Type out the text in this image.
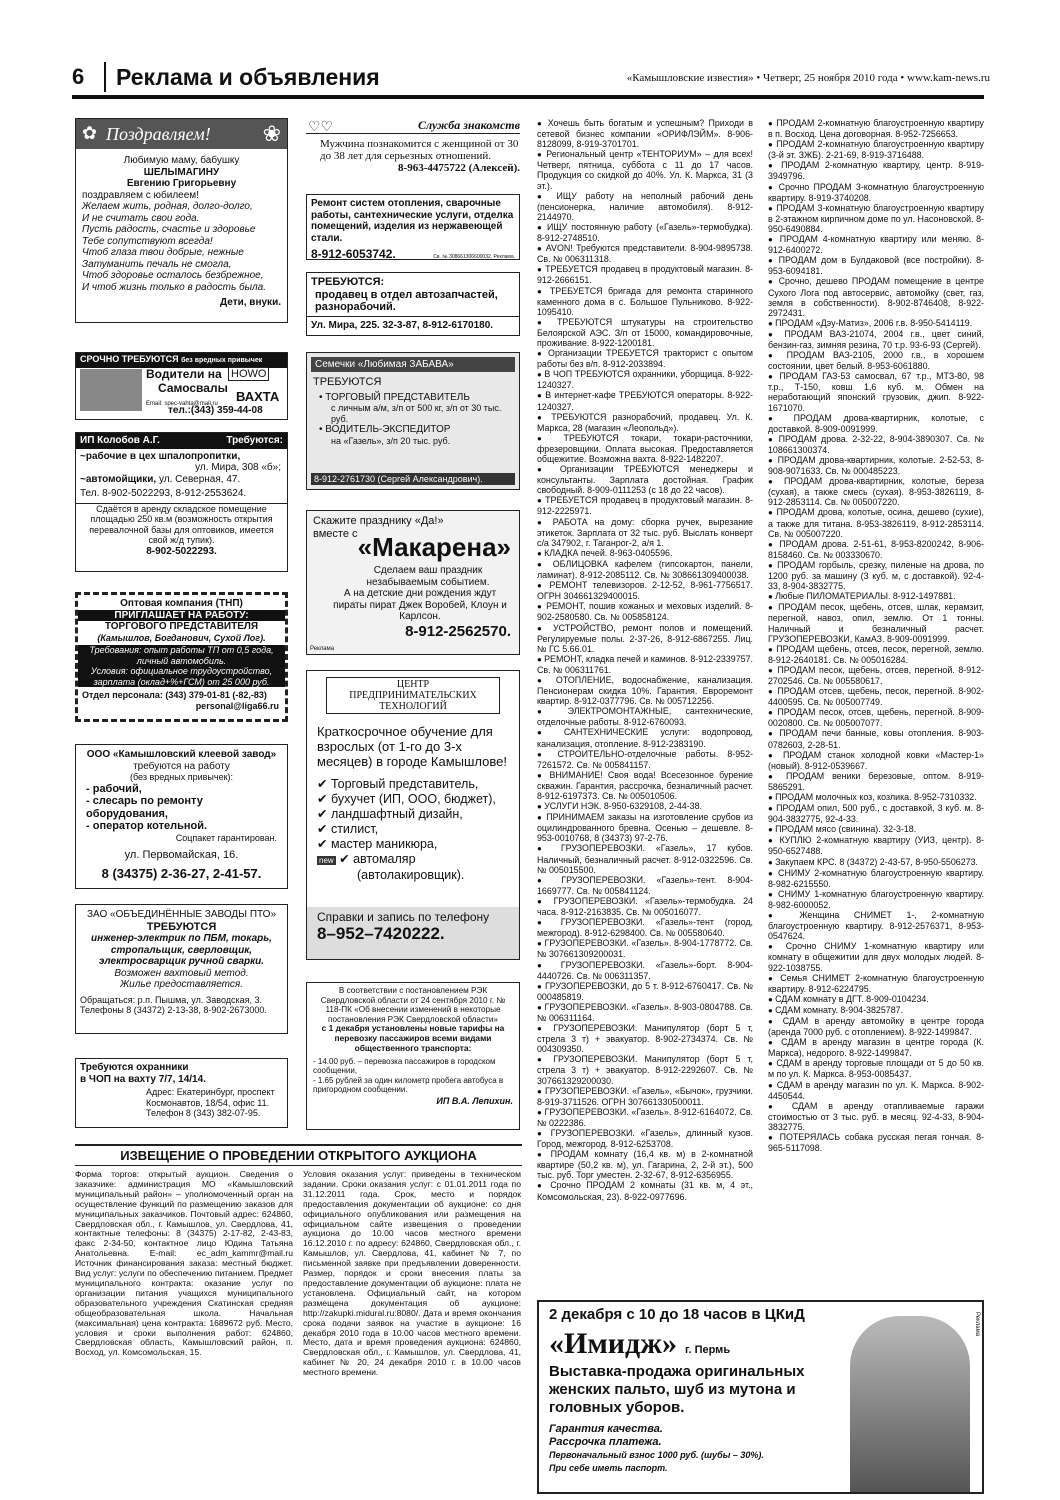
6 Реклама и объявления	«Камышловские известия» • Четверг, 25 ноября 2010 года • www.kam-news.ru
✿ Поздравляем! ❀
Любимую маму, бабушку
ШЕЛЫМАГИНУ
Евгению Григорьевну
поздравляем с юбилеем!
Желаем жить, родная, долго-долго,
И не считать свои года.
Пусть радость, счастье и здоровье
Тебе сопутствуют всегда!
Чтоб глаза твои добрые, нежные
Затуманить печаль не смогла,
Чтоб здоровье осталось безбрежное,
И чтоб жизнь только в радость была.
Дети, внуки.
СРОЧНО ТРЕБУЮТСЯ без вредных привычек
Водители на HOWO
Самосвалы
ВАХТА
Email: spec-vahta@mail.ru
тел.:(343) 359-44-08
ИП Колобов А.Г.	Требуются:
~рабочие в цех шпалопропитки,
ул. Мира, 308 «б»;
~автомойщики, ул. Северная, 47.
Тел. 8-902-5022293, 8-912-2553624.
Сдаётся в аренду складское помещение площадью 250 кв.м (возможность открытия перевалочной базы для оптовиков, имеется свой ж/д тупик).
8-902-5022293.
Оптовая компания (ТНП)
ПРИГЛАШАЕТ НА РАБОТУ:
ТОРГОВОГО ПРЕДСТАВИТЕЛЯ
(Камышлов, Богданович, Сухой Лог).
Требования: опыт работы ТП от 0,5 года, личный автомобиль.
Условия: официальное трудоустройство, зарплата (оклад+%+ГСМ) от 25 000 руб.
Отдел персонала: (343) 379-01-81 (-82,-83)
personal@liga66.ru
ООО «Камышловский клеевой завод»
требуются на работу
(без вредных привычек):
- рабочий,
- слесарь по ремонту оборудования,
- оператор котельной.
Соцпакет гарантирован.
ул. Первомайская, 16.
8 (34375) 2-36-27, 2-41-57.
ЗАО «ОБЪЕДИНЁННЫЕ ЗАВОДЫ ПТО»
ТРЕБУЮТСЯ
инженер-электрик по ПБМ, токарь, стропальщик, сверловщик, электросварщик ручной сварки.
Возможен вахтовый метод.
Жилье предоставляется.
Обращаться: р.п. Пышма, ул. Заводская, 3.
Телефоны 8 (34372) 2-13-38, 8-902-2673000.
Требуются охранники
в ЧОП на вахту 7/7, 14/14.
Адрес: Екатеринбург, проспект Космонавтов, 18/54, офис 11. Телефон 8 (343) 382-07-95.
Служба знакомств
♡♡
Мужчина познакомится с женщиной от 30 до 38 лет для серьезных отношений.
8-963-4475722 (Алексей).
Ремонт систем отопления, сварочные работы, сантехнические услуги, отделка помещений, изделия из нержавеющей стали.
8-912-6053742.	Св. № 308661306600032. Реклама.
ТРЕБУЮТСЯ:
продавец в отдел автозапчастей,
разнорабочий.
Ул. Мира, 225. 32-3-87, 8-912-6170180.
Семечки «Любимая ЗАБАВА»
ТРЕБУЮТСЯ
• ТОРГОВЫЙ ПРЕДСТАВИТЕЛЬ
с личным а/м, з/п от 500 кг, з/п от 30 тыс. руб.
• ВОДИТЕЛЬ-ЭКСПЕДИТОР
на «Газель», з/п 20 тыс. руб.
8-912-2761730 (Сергей Александрович).
Скажите празднику «Да!»
вместе с «Макарена»
Сделаем ваш праздник незабываемым событием.
А на детские дни рождения ждут пираты пират Джек Воробей, Клоун и Карлсон.
8-912-2562570.
Реклама
ЦЕНТР
ПРЕДПРИНИМАТЕЛЬСКИХ
ТЕХНОЛОГИЙ
Краткосрочное обучение для взрослых (от 1-го до 3-х месяцев) в городе Камышлове!
✔ Торговый представитель,
✔ бухучет (ИП, ООО, бюджет),
✔ ландшафтный дизайн,
✔ стилист,
✔ мастер маникюра,
new ✔ автомаляр
(автолакировщик).
Справки и запись по телефону
8–952–7420222.
В соответствии с постановлением РЭК Свердловской области от 24 сентября 2010 г. № 118-ПК «Об внесении изменений в некоторые постановления РЭК Свердловской области»
с 1 декабря установлены новые тарифы на перевозку пассажиров всеми видами общественного транспорта:
- 14.00 руб. – перевозка пассажиров в городском сообщении,
- 1.65 рублей за один километр пробега автобуса в пригородном сообщении.
ИП В.А. Лепихин.
ИЗВЕЩЕНИЕ О ПРОВЕДЕНИИ ОТКРЫТОГО АУКЦИОНА
Форма торгов: открытый аукцион. Сведения о заказчике: администрация МО «Камышловский муниципальный район» – уполномоченный орган на осуществление функций по размещению заказов для муниципальных заказчиков. Почтовый адрес: 624860, Свердловская обл., г. Камышлов, ул. Свердлова, 41, контактные телефоны: 8 (34375) 2-17-82, 2-43-83, факс 2-34-50, контактное лицо Юдина Татьяна Анатольевна. E-mail: ec_adm_kammr@mail.ru Источник финансирования заказа: местный бюджет. Вид услуг: услуги по обеспечению питанием. Предмет муниципального контракта: оказание услуг по организации питания учащихся муниципального образовательного учреждения Скатинская средняя общеобразовательная школа. Начальная (максимальная) цена контракта: 1689672 руб. Место, условия и сроки выполнения работ: 624860, Свердловская область, Камышловский район, п. Восход, ул. Комсомольская, 15.
Условия оказания услуг: приведены в техническом задании. Сроки оказания услуг: с 01.01.2011 года по 31.12.2011 года. Срок, место и порядок предоставления документации об аукционе: со дня официального опубликования или размещения на официальном сайте извещения о проведении аукциона до 10.00 часов местного времени 16.12.2010 г. по адресу: 624860, Свердловская обл., г. Камышлов, ул. Свердлова, 41, кабинет № 7, по письменной заявке при предъявлении доверенности. Размер, порядок и сроки внесения платы за предоставление документации об аукционе: плата не установлена. Официальный сайт, на котором размещена документация об аукционе: http://zakupki.midural.ru:8080/. Дата и время окончания срока подачи заявок на участие в аукционе: 16 декабря 2010 года в 10.00 часов местного времени. Место, дата и время проведения аукциона: 624860, Свердловская обл., г. Камышлов, ул. Свердлова, 41, кабинет № 20, 24 декабря 2010 г. в 10.00 часов местного времени.

● Хочешь быть богатым и успешным? Приходи в сетевой бизнес компании «ОРИФЛЭЙМ». 8-906-8128099, 8-919-3701701.

● Региональный центр «ТЕНТОРИУМ» – для всех! Четверг, пятница, суббота с 11 до 17 часов. Продукция со скидкой до 40%. Ул. К. Маркса, 31 (3 эт.).

● ИЩУ работу на неполный рабочий день (пенсионерка, наличие автомобиля). 8-912-2144970.

● ИЩУ постоянную работу («Газель»-термобудка). 8-912-2748510.

● AVON! Требуются представители. 8-904-9895738. Св. № 006311318.

● ТРЕБУЕТСЯ продавец в продуктовый магазин. 8-912-2666151.

● ТРЕБУЕТСЯ бригада для ремонта старинного каменного дома в с. Большое Пульниково. 8-922-1095410.

● ТРЕБУЮТСЯ штукатуры на строительство Белоярской АЭС. З/п от 15000, командировочные, проживание. 8-922-1200181.

● Организации ТРЕБУЕТСЯ тракторист с опытом работы без в/п. 8-912-2033894.

● В ЧОП ТРЕБУЮТСЯ охранники, уборщица. 8-922-1240327.

● В интернет-кафе ТРЕБУЮТСЯ операторы. 8-922-1240327.

● ТРЕБУЮТСЯ разнорабочий, продавец. Ул. К. Маркса, 28 (магазин «Леопольд»).

● ТРЕБУЮТСЯ токари, токари-расточники, фрезеровщики. Оплата высокая. Предоставляется общежитие. Возможна вахта. 8-922-1482207.

● Организации ТРЕБУЮТСЯ менеджеры и консультанты. Зарплата достойная. График свободный. 8-909-0111253 (с 18 до 22 часов).

● ТРЕБУЕТСЯ продавец в продуктовый магазин. 8-912-2225971.

● РАБОТА на дому: сборка ручек, вырезание этикеток. Зарплата от 32 тыс. руб. Выслать конверт с/а 347902, г. Таганрог-2, а/я 1.

● КЛАДКА печей. 8-963-0405596.

● ОБЛИЦОВКА кафелем (гипсокартон, панели, ламинат). 8-912-2085112. Св. № 308661309400038.

● РЕМОНТ телевизоров. 2-12-52, 8-961-7756517. ОГРН 304661329400015.

● РЕМОНТ, пошив кожаных и меховых изделий. 8-902-2580580. Св. № 005858124.

● УСТРОЙСТВО, ремонт полов и помещений. Регулируемые полы. 2-37-26, 8-912-6867255. Лиц. № ГС 5.66.01.

● РЕМОНТ, кладка печей и каминов. 8-912-2339757. Св. № 006311761.

● ОТОПЛЕНИЕ, водоснабжение, канализация. Пенсионерам скидка 10%. Гарантия. Евроремонт квартир. 8-912-0377796. Св. № 005712256.

● ЭЛЕКТРОМОНТАЖНЫЕ, сантехнические, отделочные работы. 8-912-6760093.

● САНТЕХНИЧЕСКИЕ услуги: водопровод, канализация, отопление. 8-912-2383190.

● СТРОИТЕЛЬНО-отделочные работы. 8-952-7261572. Св. № 005841157.

● ВНИМАНИЕ! Своя вода! Всесезонное бурение скважин. Гарантия, рассрочка, безналичный расчет. 8-912-6197373. Св. № 005010506.

● УСЛУГИ НЭК. 8-950-6329108, 2-44-38.

● ПРИНИМАЕМ заказы на изготовление срубов из оцилиндрованного бревна. Осенью – дешевле. 8-953-0010768, 8 (34373) 97-2-76.

● ГРУЗОПЕРЕВОЗКИ. «Газель», 17 кубов. Наличный, безналичный расчет. 8-912-0322596. Св. № 005015500.

● ГРУЗОПЕРЕВОЗКИ. «Газель»-тент. 8-904-1669777. Св. № 005841124.

● ГРУЗОПЕРЕВОЗКИ. «Газель»-термобудка. 24 часа. 8-912-2163835. Св. № 005016077.

● ГРУЗОПЕРЕВОЗКИ. «Газель»-тент (город, межгород). 8-912-6298400. Св. № 005580640.

● ГРУЗОПЕРЕВОЗКИ. «Газель». 8-904-1778772. Св. № 307661309200031.

● ГРУЗОПЕРЕВОЗКИ. «Газель»-борт. 8-904-4440726. Св. № 006311357.

● ГРУЗОПЕРЕВОЗКИ, до 5 т. 8-912-6760417. Св. № 000485819.

● ГРУЗОПЕРЕВОЗКИ. «Газель». 8-903-0804788. Св. № 006311164.

● ГРУЗОПЕРЕВОЗКИ. Манипулятор (борт 5 т, стрела 3 т) + эвакуатор. 8-902-2734374. Св. № 004309350.

● ГРУЗОПЕРЕВОЗКИ. Манипулятор (борт 5 т, стрела 3 т) + эвакуатор. 8-912-2292607. Св. № 307661329200030.

● ГРУЗОПЕРЕВОЗКИ. «Газель», «Бычок», грузчики. 8-919-3711526. ОГРН 307661330500011.

● ГРУЗОПЕРЕВОЗКИ. «Газель». 8-912-6164072. Св. № 0222386.

● ГРУЗОПЕРЕВОЗКИ. «Газель», длинный кузов. Город, межгород. 8-912-6253708.

● ПРОДАМ комнату (16,4 кв. м) в 2-комнатной квартире (50,2 кв. м), ул. Гагарина, 2, 2-й эт.), 500 тыс. руб. Торг уместен. 2-32-67, 8-912-6356955.

● Срочно ПРОДАМ 2 комнаты (31 кв. м, 4 эт., Комсомольская, 23). 8-922-0977696.

● ПРОДАМ 2-комнатную благоустроенную квартиру в п. Восход. Цена договорная. 8-952-7256653.

● ПРОДАМ 2-комнатную благоустроенную квартиру (3-й эт. ЗЖБ). 2-21-69, 8-919-3716488.

● ПРОДАМ 2-комнатную квартиру, центр. 8-919-3949796.

● Срочно ПРОДАМ 3-комнатную благоустроенную квартиру. 8-919-3740208.

● ПРОДАМ 3-комнатную благоустроенную квартиру в 2-этажном кирпичном доме по ул. Насоновской. 8-950-6490884.

● ПРОДАМ 4-комнатную квартиру или меняю. 8-912-6400272.

● ПРОДАМ дом в Булдаковой (все постройки). 8-953-6094181.

● Срочно, дешево ПРОДАМ помещение в центре Сухого Лога под автосервис, автомойку (свет, газ, земля в собственности). 8-902-8746408, 8-922-2972431.

● ПРОДАМ «Дэу-Матиз», 2006 г.в. 8-950-5414119.

● ПРОДАМ ВАЗ-21074, 2004 г.в., цвет синий, бензин-газ, зимняя резина, 70 т.р. 93-6-93 (Сергей).

● ПРОДАМ ВАЗ-2105, 2000 г.в., в хорошем состоянии, цвет белый. 8-953-6061880.

● ПРОДАМ ГАЗ-53 самосвал, 67 т.р., МТЗ-80, 98 т.р., Т-150, ковш 1,6 куб. м. Обмен на неработающий японский грузовик, джип. 8-922-1671070.

● ПРОДАМ дрова-квартирник, колотые, с доставкой. 8-909-0091999.

● ПРОДАМ дрова. 2-32-22, 8-904-3890307. Св. № 108661300374.

● ПРОДАМ дрова-квартирник, колотые. 2-52-53, 8-908-9071633. Св. № 000485223.

● ПРОДАМ дрова-квартирник, колотые, береза (сухая), а также смесь (сухая). 8-953-3826119, 8-912-2853114. Св. № 005007220.

● ПРОДАМ дрова, колотые, осина, дешево (сухие), а также для титана. 8-953-3826119, 8-912-2853114. Св. № 005007220.

● ПРОДАМ дрова. 2-51-61, 8-953-8200242, 8-906-8158460. Св. № 003330670.

● ПРОДАМ горбыль, срезку, пиленые на дрова, по 1200 руб. за машину (3 куб. м, с доставкой). 92-4-33, 8-904-3832775.

● Любые ПИЛОМАТЕРИАЛЫ. 8-912-1497881.

● ПРОДАМ песок, щебень, отсев, шлак, керамзит, перегной, навоз, опил, землю. От 1 тонны. Наличный и безналичный расчет. ГРУЗОПЕРЕВОЗКИ, КамАЗ. 8-909-0091999.

● ПРОДАМ щебень, отсев, песок, перегной, землю. 8-912-2640181. Св. № 005016284.

● ПРОДАМ песок, щебень, отсев, перегной. 8-912-2702546. Св. № 005580617.

● ПРОДАМ отсев, щебень, песок, перегной. 8-902-4400595. Св. № 005007749.

● ПРОДАМ песок, отсев, щебень, перегной. 8-909-0020800. Св. № 005007077.

● ПРОДАМ печи банные, ковы отопления. 8-903-0782603, 2-28-51.

● ПРОДАМ станок холодной ковки «Мастер-1» (новый). 8-912-0539667.

● ПРОДАМ веники березовые, оптом. 8-919-5865291.

● ПРОДАМ молочных коз, козлика. 8-952-7310332.

● ПРОДАМ опил, 500 руб., с доставкой, 3 куб. м. 8-904-3832775, 92-4-33.

● ПРОДАМ мясо (свинина). 32-3-18.

● КУПЛЮ 2-комнатную квартиру (УИЗ, центр). 8-950-6527488.

● Закупаем КРС. 8 (34372) 2-43-57, 8-950-5506273.

● СНИМУ 2-комнатную благоустроенную квартиру. 8-982-6215550.

● СНИМУ 1-комнатную благоустроенную квартиру. 8-982-6000052.

● Женщина СНИМЕТ 1-, 2-комнатную благоустроенную квартиру. 8-912-2576371, 8-953-0547624.

● Срочно СНИМУ 1-комнатную квартиру или комнату в общежитии для двух молодых людей. 8-922-1038755.

● Семья СНИМЕТ 2-комнатную благоустроенную квартиру. 8-912-6224795.

● СДАМ комнату в ДГТ. 8-909-0104234.

● СДАМ комнату. 8-904-3825787.

● СДАМ в аренду автомойку в центре города (аренда 7000 руб. с отоплением). 8-922-1499847.

● СДАМ в аренду магазин в центре города (К. Маркса), недорого. 8-922-1499847.

● СДАМ в аренду торговые площади от 5 до 50 кв. м по ул. К. Маркса. 8-953-0085437.

● СДАМ в аренду магазин по ул. К. Маркса. 8-902-4450544.

● СДАМ в аренду отапливаемые гаражи стоимостью от 3 тыс. руб. в месяц. 92-4-33, 8-904-3832775.

● ПОТЕРЯЛАСЬ собака русская пегая гончая. 8-965-5117098.

2 декабря с 10 до 18 часов в ЦКиД
«Имидж» г. Пермь
Выставка-продажа оригинальных женских пальто, шуб из мутона и головных уборов.
Гарантия качества.
Рассрочка платежа.
Первоначальный взнос 1000 руб. (шубы – 30%).
При себе иметь паспорт.
Реклама
